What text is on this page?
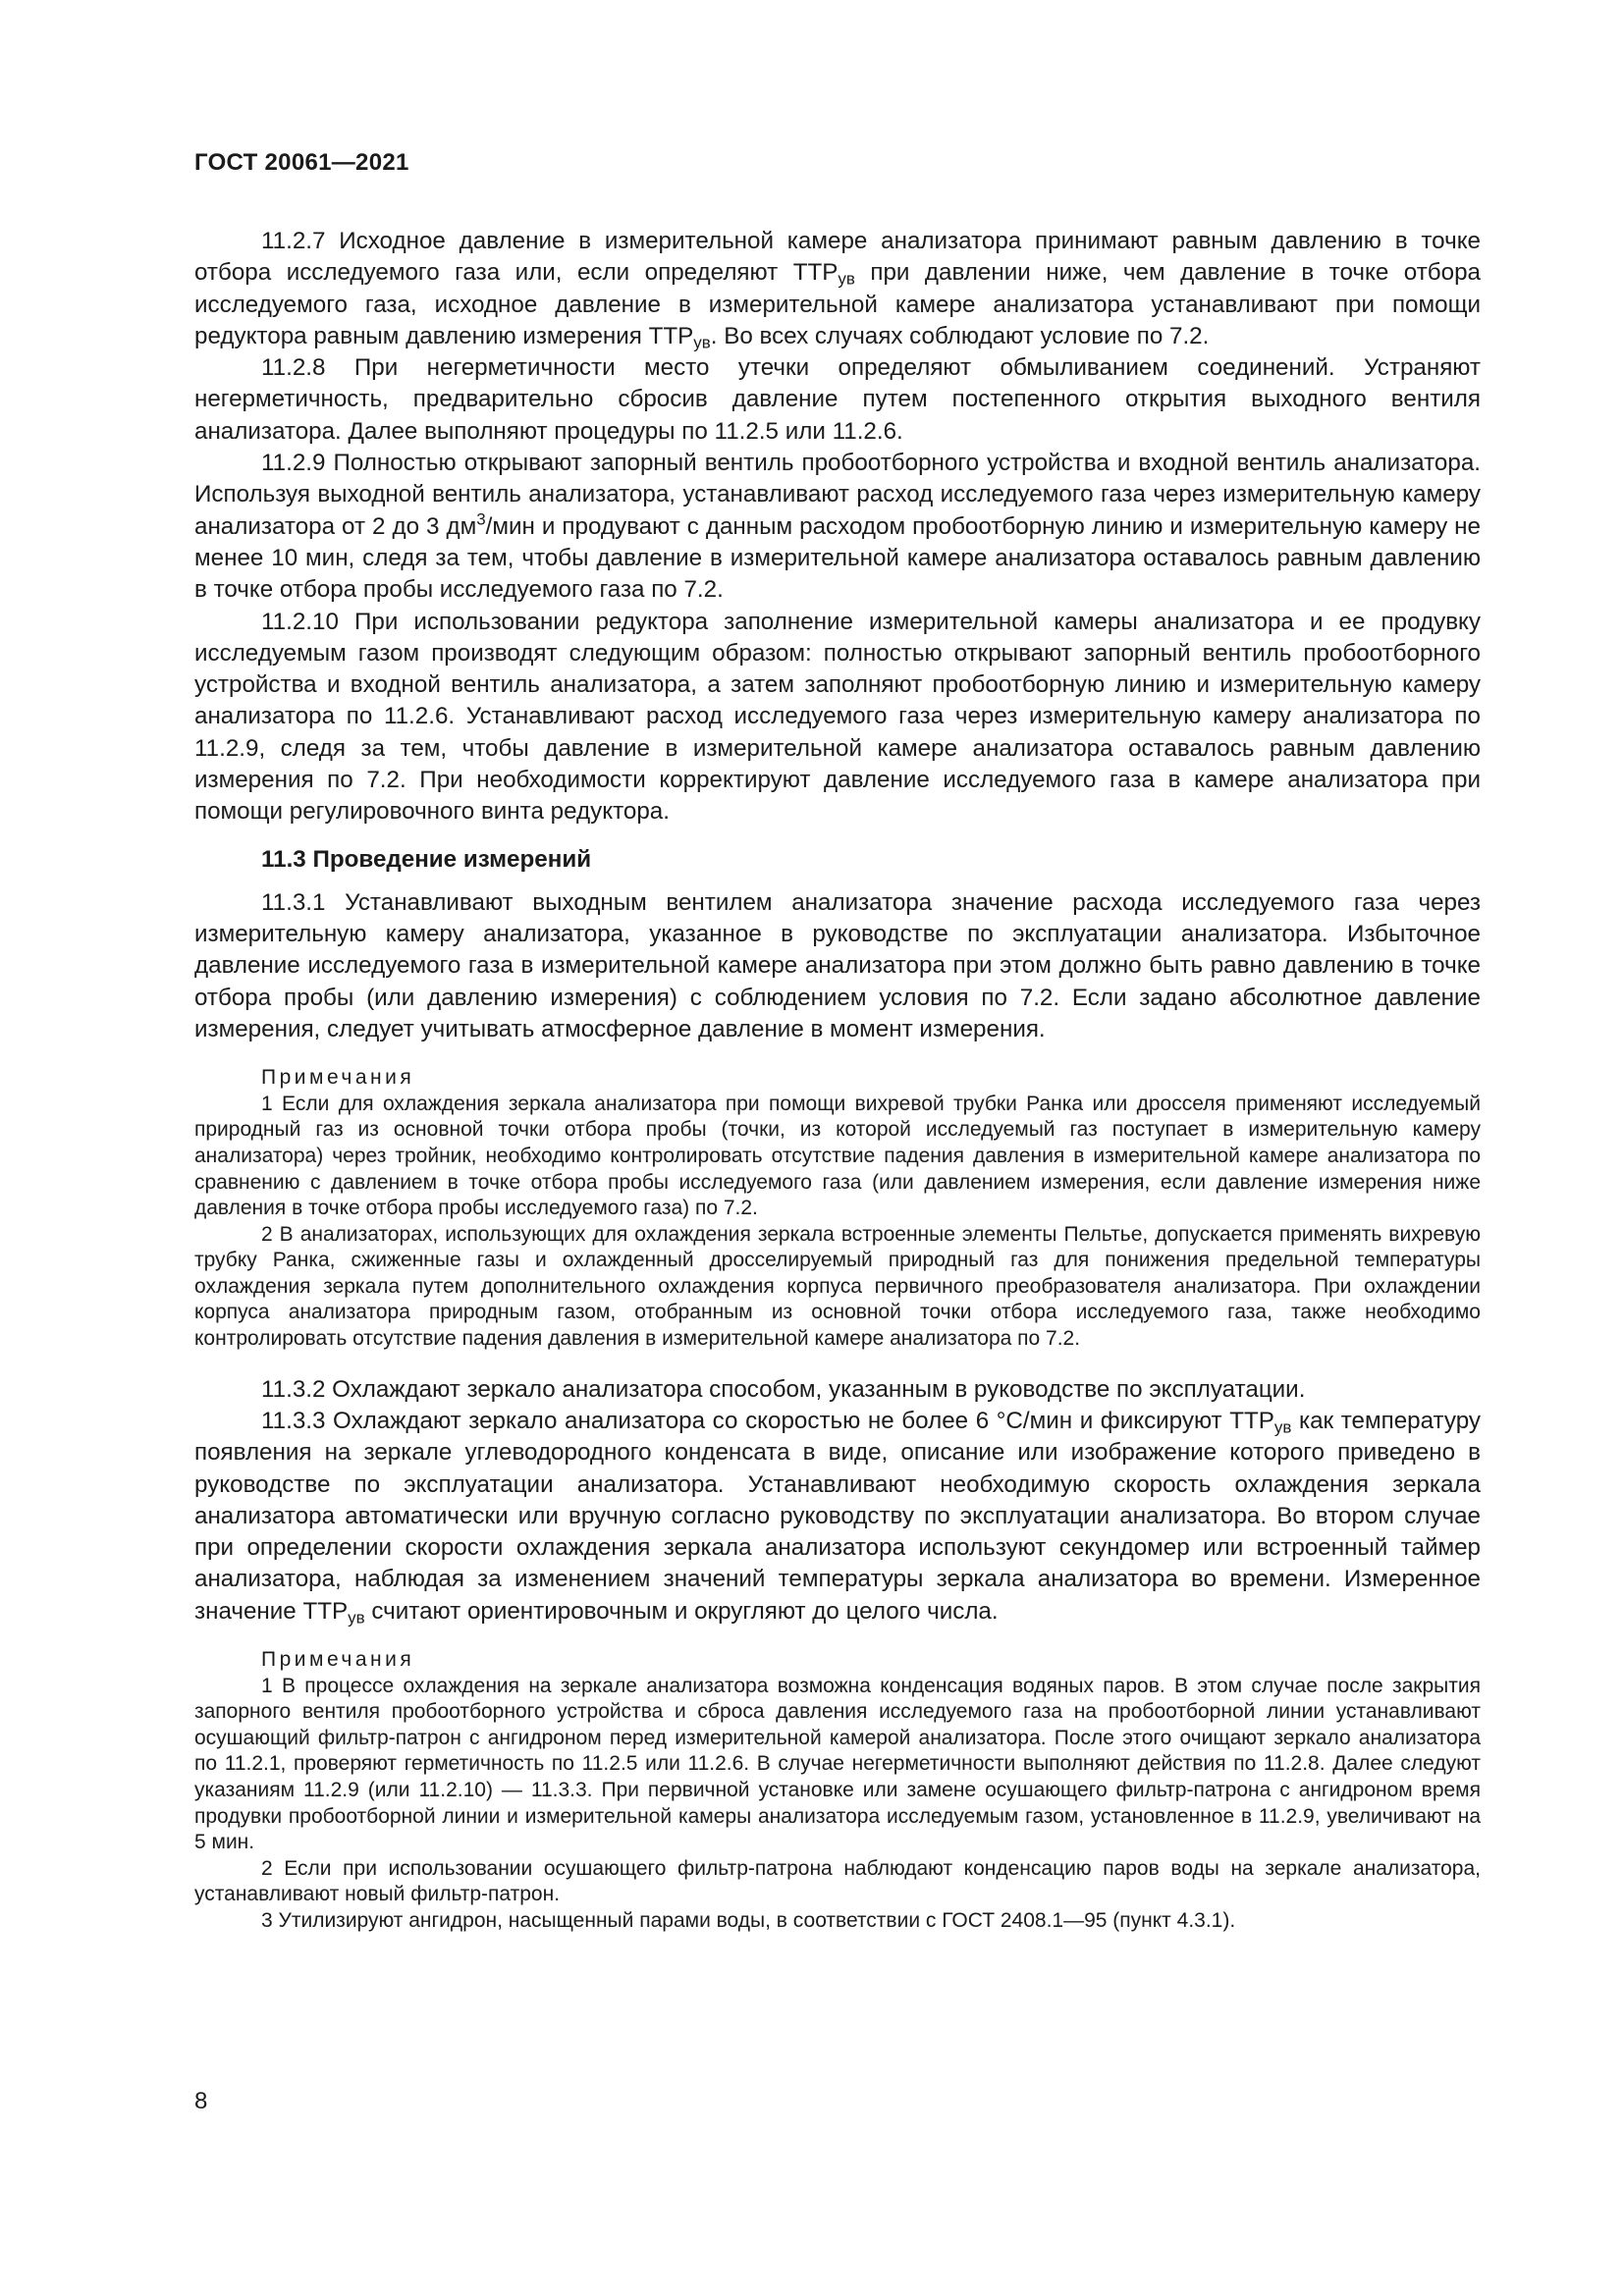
ГОСТ 20061—2021

11.2.7 Исходное давление в измерительной камере анализатора принимают равным давлению в точке отбора исследуемого газа или, если определяют $ТТР_{ув}$ при давлении ниже, чем давление в точке отбора исследуемого газа, исходное давление в измерительной камере анализатора устанавливают при помощи редуктора равным давлению измерения $ТТР_{ув}$. Во всех случаях соблюдают условие по 7.2.

11.2.8 При негерметичности место утечки определяют обмыливанием соединений. Устраняют негерметичность, предварительно сбросив давление путем постепенного открытия выходного вентиля анализатора. Далее выполняют процедуры по 11.2.5 или 11.2.6.

11.2.9 Полностью открывают запорный вентиль пробоотборного устройства и входной вентиль анализатора. Используя выходной вентиль анализатора, устанавливают расход исследуемого газа через измерительную камеру анализатора от 2 до 3 $дм^3$/мин и продувают с данным расходом пробоотборную линию и измерительную камеру не менее 10 мин, следя за тем, чтобы давление в измерительной камере анализатора оставалось равным давлению в точке отбора пробы исследуемого газа по 7.2.

11.2.10 При использовании редуктора заполнение измерительной камеры анализатора и ее продувку исследуемым газом производят следующим образом: полностью открывают запорный вентиль пробоотборного устройства и входной вентиль анализатора, а затем заполняют пробоотборную линию и измерительную камеру анализатора по 11.2.6. Устанавливают расход исследуемого газа через измерительную камеру анализатора по 11.2.9, следя за тем, чтобы давление в измерительной камере анализатора оставалось равным давлению измерения по 7.2. При необходимости корректируют давление исследуемого газа в камере анализатора при помощи регулировочного винта редуктора.

11.3 Проведение измерений

11.3.1 Устанавливают выходным вентилем анализатора значение расхода исследуемого газа через измерительную камеру анализатора, указанное в руководстве по эксплуатации анализатора. Избыточное давление исследуемого газа в измерительной камере анализатора при этом должно быть равно давлению в точке отбора пробы (или давлению измерения) с соблюдением условия по 7.2. Если задано абсолютное давление измерения, следует учитывать атмосферное давление в момент измерения.

Примечания

1 Если для охлаждения зеркала анализатора при помощи вихревой трубки Ранка или дросселя применяют исследуемый природный газ из основной точки отбора пробы (точки, из которой исследуемый газ поступает в измерительную камеру анализатора) через тройник, необходимо контролировать отсутствие падения давления в измерительной камере анализатора по сравнению с давлением в точке отбора пробы исследуемого газа (или давлением измерения, если давление измерения ниже давления в точке отбора пробы исследуемого газа) по 7.2.

2 В анализаторах, использующих для охлаждения зеркала встроенные элементы Пельтье, допускается применять вихревую трубку Ранка, сжиженные газы и охлажденный дросселируемый природный газ для понижения предельной температуры охлаждения зеркала путем дополнительного охлаждения корпуса первичного преобразователя анализатора. При охлаждении корпуса анализатора природным газом, отобранным из основной точки отбора исследуемого газа, также необходимо контролировать отсутствие падения давления в измерительной камере анализатора по 7.2.

11.3.2 Охлаждают зеркало анализатора способом, указанным в руководстве по эксплуатации.

11.3.3 Охлаждают зеркало анализатора со скоростью не более 6 °С/мин и фиксируют $ТТР_{ув}$ как температуру появления на зеркале углеводородного конденсата в виде, описание или изображение которого приведено в руководстве по эксплуатации анализатора. Устанавливают необходимую скорость охлаждения зеркала анализатора автоматически или вручную согласно руководству по эксплуатации анализатора. Во втором случае при определении скорости охлаждения зеркала анализатора используют секундомер или встроенный таймер анализатора, наблюдая за изменением значений температуры зеркала анализатора во времени. Измеренное значение $ТТР_{ув}$ считают ориентировочным и округляют до целого числа.

Примечания

1 В процессе охлаждения на зеркале анализатора возможна конденсация водяных паров. В этом случае после закрытия запорного вентиля пробоотборного устройства и сброса давления исследуемого газа на пробоотборной линии устанавливают осушающий фильтр-патрон с ангидроном перед измерительной камерой анализатора. После этого очищают зеркало анализатора по 11.2.1, проверяют герметичность по 11.2.5 или 11.2.6. В случае негерметичности выполняют действия по 11.2.8. Далее следуют указаниям 11.2.9 (или 11.2.10) — 11.3.3. При первичной установке или замене осушающего фильтр-патрона с ангидроном время продувки пробоотборной линии и измерительной камеры анализатора исследуемым газом, установленное в 11.2.9, увеличивают на 5 мин.

2 Если при использовании осушающего фильтр-патрона наблюдают конденсацию паров воды на зеркале анализатора, устанавливают новый фильтр-патрон.

3 Утилизируют ангидрон, насыщенный парами воды, в соответствии с ГОСТ 2408.1—95 (пункт 4.3.1).

8
